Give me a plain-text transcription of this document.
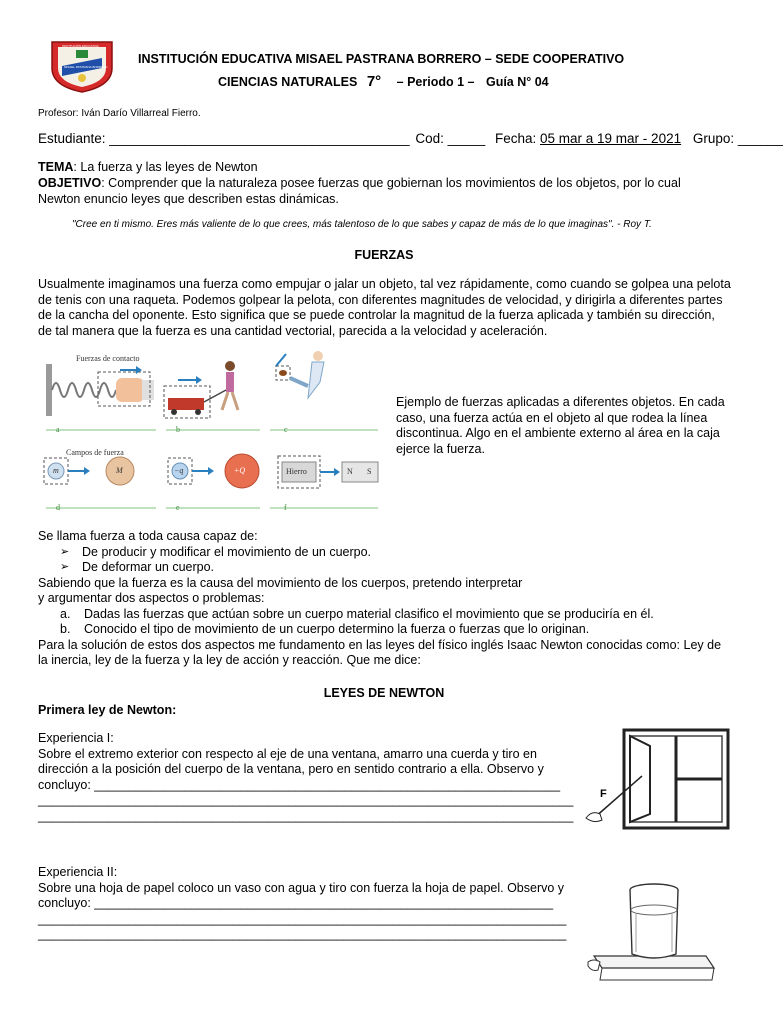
INSTITUCIÓN EDUCATIVA
MISAEL PASTRANA BORRERO
INSTITUCIÓN EDUCATIVA MISAEL PASTRANA BORRERO – SEDE COOPERATIVO
CIENCIAS NATURALES 7° – Periodo 1 – Guía N° 04
Profesor: Iván Darío Villarreal Fierro.
Estudiante: ________________________________________ Cod: _____ Fecha: 05 mar a 19 mar - 2021 Grupo: ______
TEMA: La fuerza y las leyes de Newton
OBJETIVO: Comprender que la naturaleza posee fuerzas que gobiernan los movimientos de los objetos, por lo cual
Newton enuncio leyes que describen estas dinámicas.
"Cree en ti mismo. Eres más valiente de lo que crees, más talentoso de lo que sabes y capaz de más de lo que imaginas". - Roy T.
FUERZAS
Usualmente imaginamos una fuerza como empujar o jalar un objeto, tal vez rápidamente, como cuando se golpea una pelota
de tenis con una raqueta. Podemos golpear la pelota, con diferentes magnitudes de velocidad, y dirigirla a diferentes partes
de la cancha del oponente. Esto significa que se puede controlar la magnitud de la fuerza aplicada y también su dirección,
de tal manera que la fuerza es una cantidad vectorial, parecida a la velocidad y aceleración.
Fuerzas de contacto
Campos de fuerza
a	b	c
d	e	f
m	M	−q	+Q	Hierro	N S
Ejemplo de fuerzas aplicadas a diferentes objetos. En cada
caso, una fuerza actúa en el objeto al que rodea la línea
discontinua. Algo en el ambiente externo al área en la caja
ejerce la fuerza.
Se llama fuerza a toda causa capaz de:
➢ De producir y modificar el movimiento de un cuerpo.
➢ De deformar un cuerpo.
Sabiendo que la fuerza es la causa del movimiento de los cuerpos, pretendo interpretar
y argumentar dos aspectos o problemas:
a. Dadas las fuerzas que actúan sobre un cuerpo material clasifico el movimiento que se produciría en él.
b. Conocido el tipo de movimiento de un cuerpo determino la fuerza o fuerzas que lo originan.
Para la solución de estos dos aspectos me fundamento en las leyes del físico inglés Isaac Newton conocidas como: Ley de
la inercia, ley de la fuerza y la ley de acción y reacción. Que me dice:
LEYES DE NEWTON
Primera ley de Newton:
Experiencia I:
Sobre el extremo exterior con respecto al eje de una ventana, amarro una cuerda y tiro en
dirección a la posición del cuerpo de la ventana, pero en sentido contrario a ella. Observo y
concluyo: ___________________________________________________________________
_____________________________________________________________________________
_____________________________________________________________________________
F
Experiencia II:
Sobre una hoja de papel coloco un vaso con agua y tiro con fuerza la hoja de papel. Observo y
concluyo: __________________________________________________________________
____________________________________________________________________________
____________________________________________________________________________
